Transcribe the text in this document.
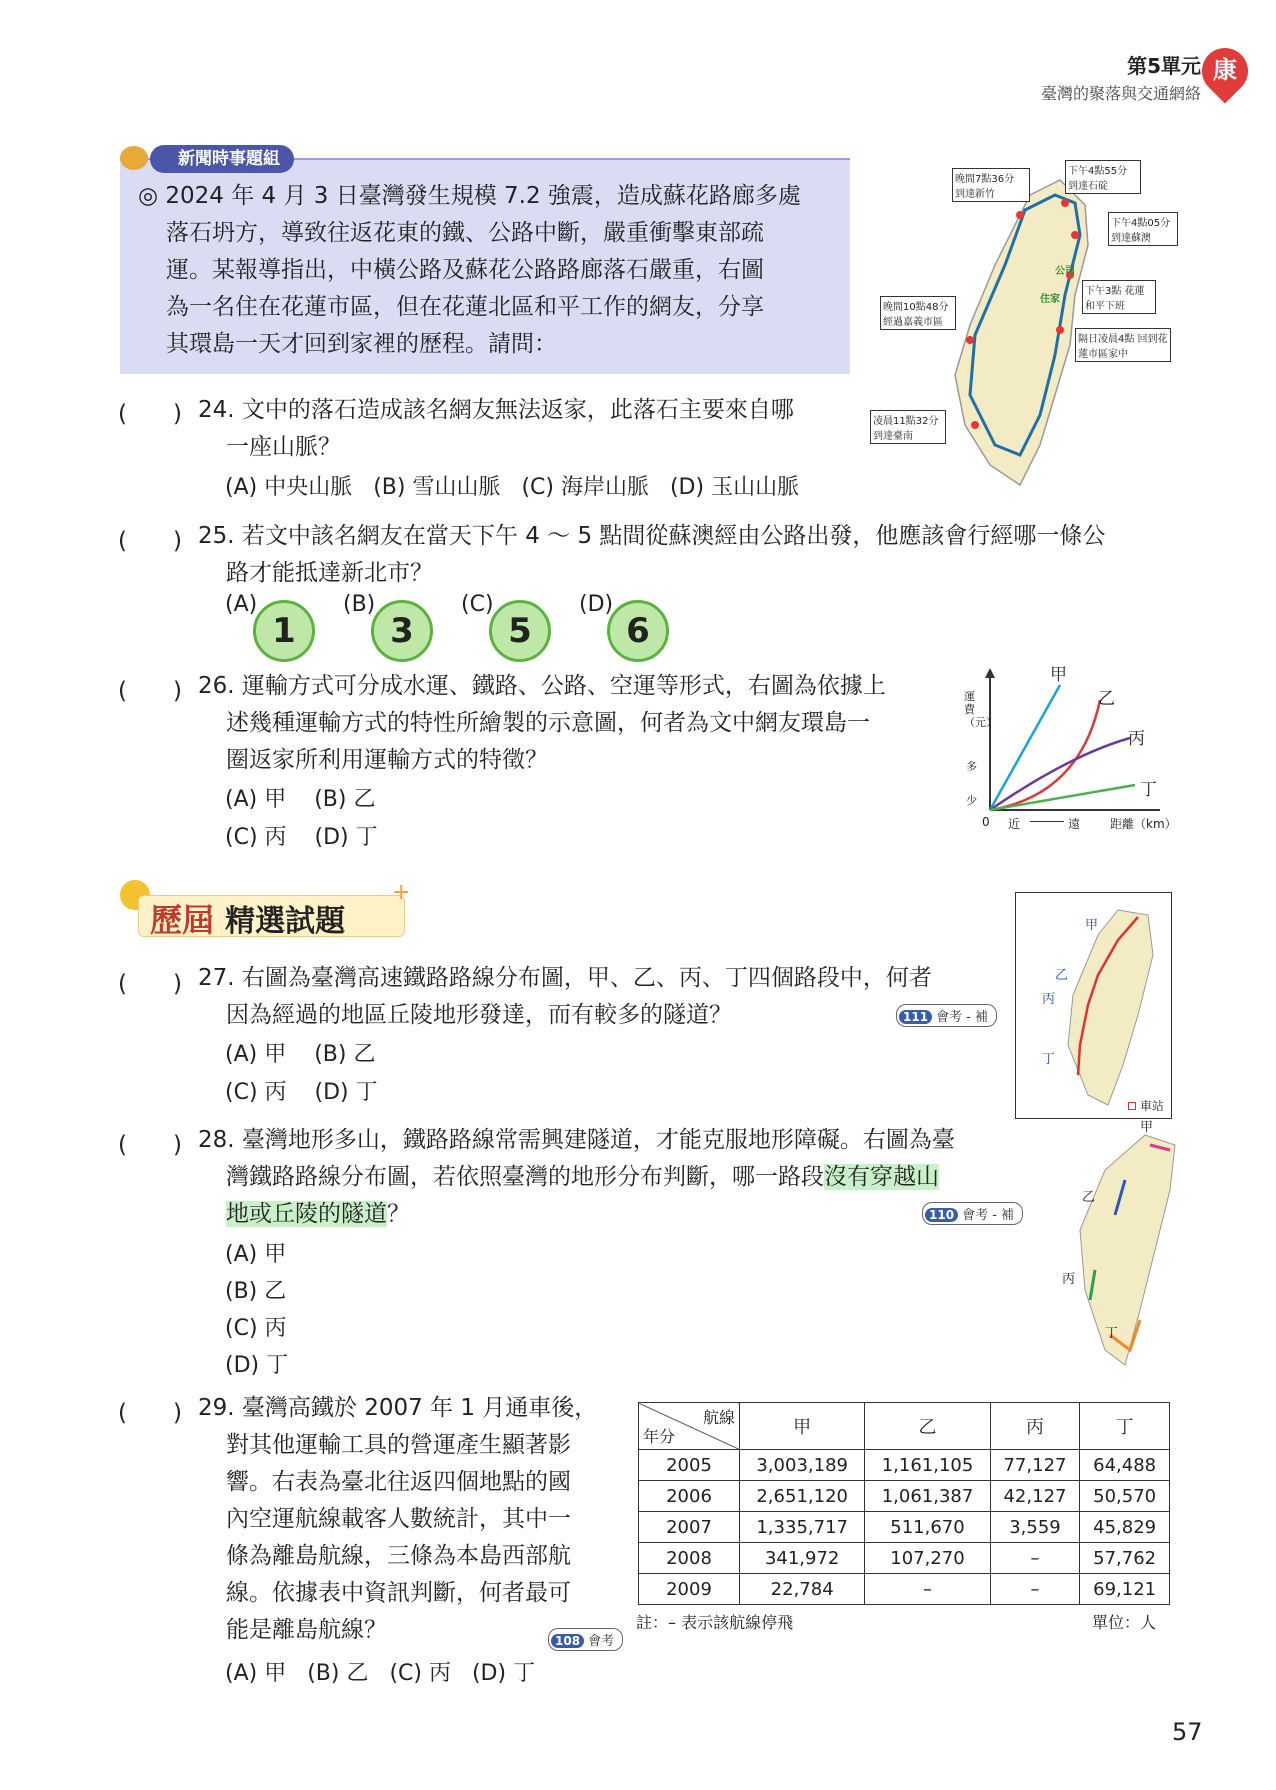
第5單元
臺灣的聚落與交通網絡
康
新聞時事題組
◎ 2024 年 4 月 3 日臺灣發生規模 7.2 強震，造成蘇花路廊多處
落石坍方，導致往返花東的鐵、公路中斷，嚴重衝擊東部疏
運。某報導指出，中橫公路及蘇花公路路廊落石嚴重，右圖
為一名住在花蓮市區，但在花蓮北區和平工作的網友，分享
其環島一天才回到家裡的歷程。請問：
晚間7點36分 到達新竹
下午4點55分 到達石碇
下午4點05分 到達蘇澳
下午3點 花蓮和平下班
公司
住家
晚間10點48分 經過嘉義市區
隔日凌晨4點 回到花蓮市區家中
凌晨11點32分 到達臺南
(　　) 24. 文中的落石造成該名網友無法返家，此落石主要來自哪
一座山脈？
(A) 中央山脈 (B) 雪山山脈 (C) 海岸山脈 (D) 玉山山脈
(　　) 25. 若文中該名網友在當天下午 4 ～ 5 點間從蘇澳經由公路出發，他應該會行經哪一條公
路才能抵達新北市？
(A)
1
(B)
3
(C)
5
(D)
6
(　　) 26. 運輸方式可分成水運、鐵路、公路、空運等形式，右圖為依據上
述幾種運輸方式的特性所繪製的示意圖，何者為文中網友環島一
圈返家所利用運輸方式的特徵？
(A) 甲 (B) 乙
(C) 丙 (D) 丁
甲
乙
丙
丁
運費（元）
多
少
0 近	遠 距離（km）
歷屆 精選試題
+
(　　) 27. 右圖為臺灣高速鐵路路線分布圖，甲、乙、丙、丁四個路段中，何者
因為經過的地區丘陵地形發達，而有較多的隧道？	111 會考 - 補
(A) 甲 (B) 乙
(C) 丙 (D) 丁
甲
乙
丙
丁
車站
(　　) 28. 臺灣地形多山，鐵路路線常需興建隧道，才能克服地形障礙。右圖為臺
灣鐵路路線分布圖，若依照臺灣的地形分布判斷，哪一路段沒有穿越山
地或丘陵的隧道？	110 會考 - 補
(A) 甲
(B) 乙
(C) 丙
(D) 丁
甲
乙
丙
丁
(　　) 29. 臺灣高鐵於 2007 年 1 月通車後，
對其他運輸工具的營運產生顯著影
響。右表為臺北往返四個地點的國
內空運航線載客人數統計，其中一
條為離島航線，三條為本島西部航
線。依據表中資訊判斷，何者最可
能是離島航線？	108 會考
(A) 甲 (B) 乙 (C) 丙 (D) 丁
航線
年分	甲	乙	丙	丁
2005	3,003,189	1,161,105	77,127	64,488
2006	2,651,120	1,061,387	42,127	50,570
2007	1,335,717	511,670	3,559	45,829
2008	341,972	107,270	–	57,762
2009	22,784	–	–	69,121
註：– 表示該航線停飛	單位：人
57
